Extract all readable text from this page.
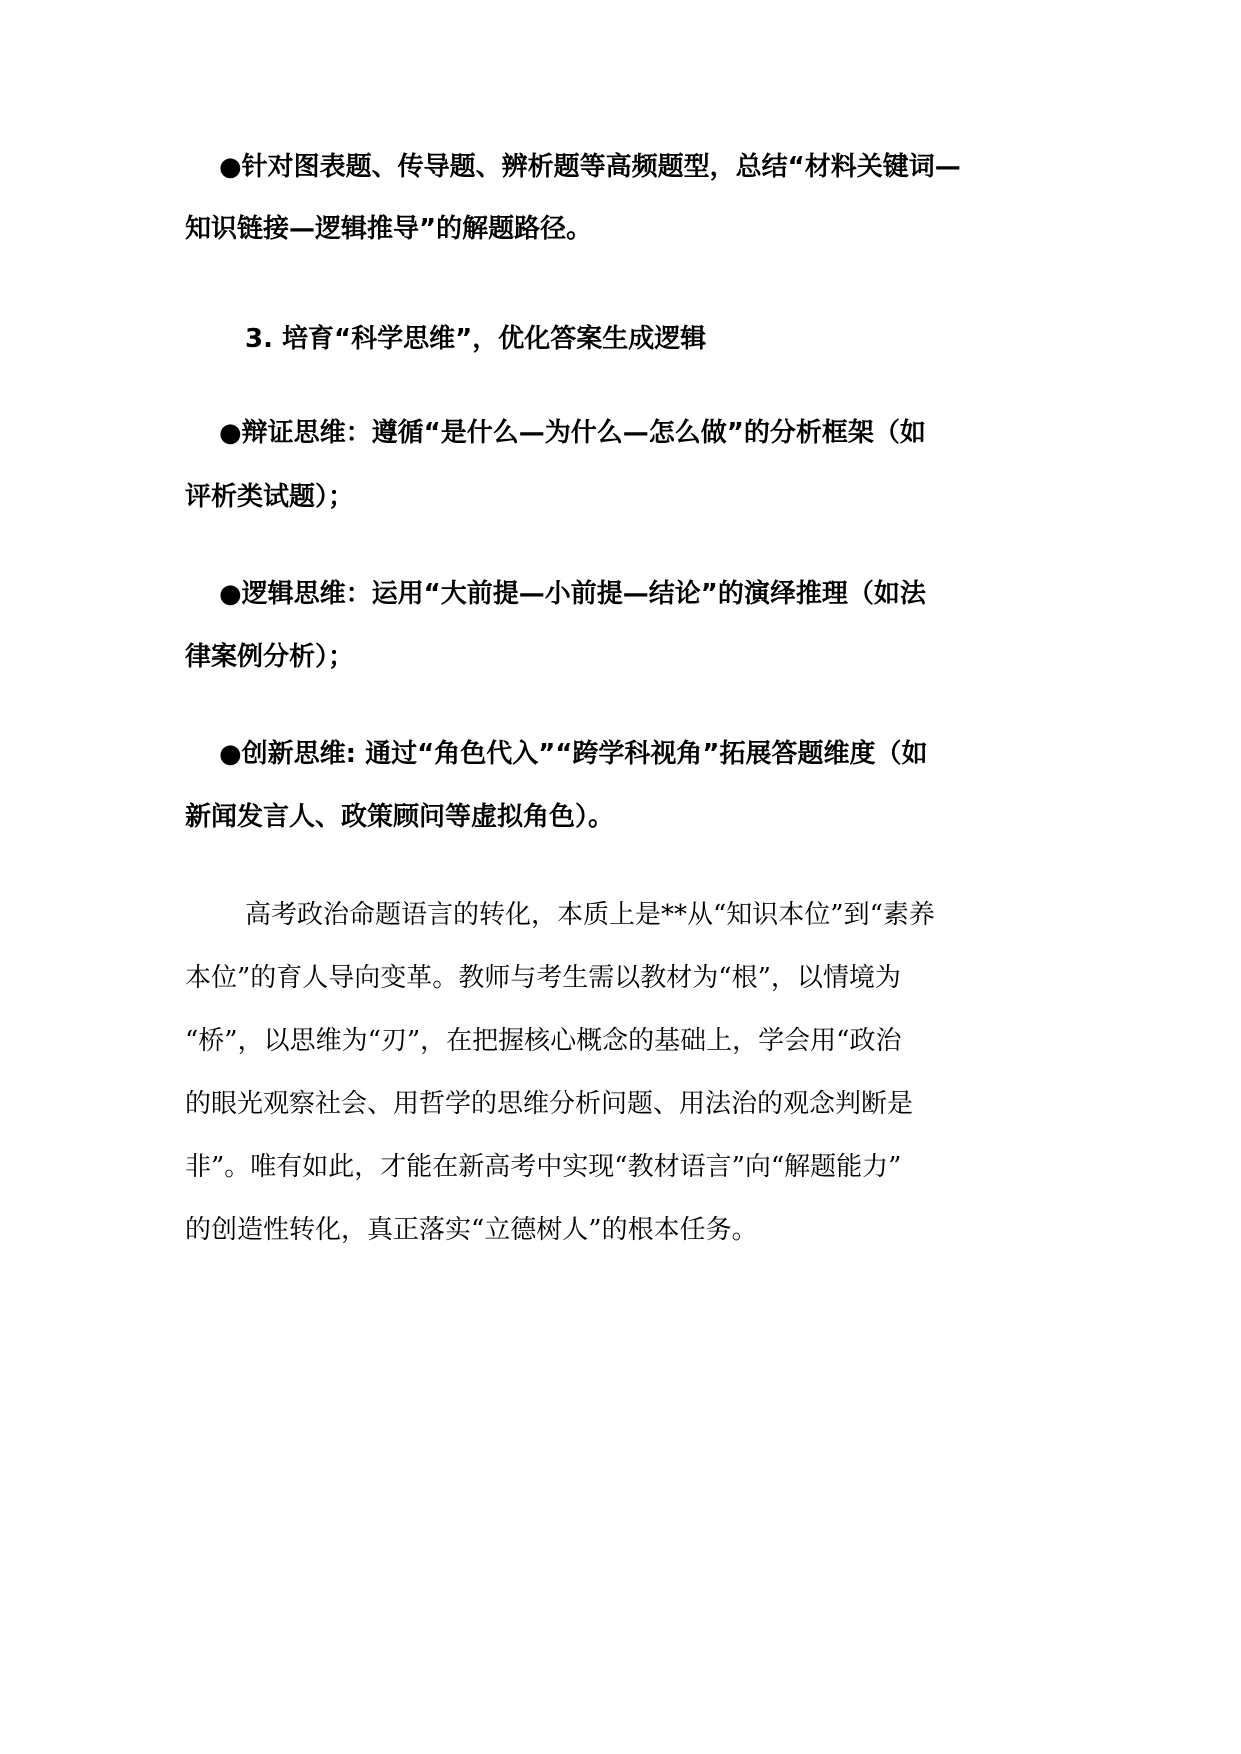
●针对图表题、传导题、辨析题等高频题型，总结“材料关键词—
知识链接—逻辑推导”的解题路径。
3. 培育“科学思维”，优化答案生成逻辑
●辩证思维：遵循“是什么—为什么—怎么做”的分析框架（如
评析类试题）；
●逻辑思维：运用“大前提—小前提—结论”的演绎推理（如法
律案例分析）；
●创新思维: 通过“角色代入”“跨学科视角”拓展答题维度（如
新闻发言人、政策顾问等虚拟角色）。
高考政治命题语言的转化，本质上是**从“知识本位”到“素养
本位”的育人导向变革。教师与考生需以教材为“根”，以情境为
“桥”，以思维为“刃”，在把握核心概念的基础上，学会用“政治
的眼光观察社会、用哲学的思维分析问题、用法治的观念判断是
非”。唯有如此，才能在新高考中实现“教材语言”向“解题能力”
的创造性转化，真正落实“立德树人”的根本任务。
